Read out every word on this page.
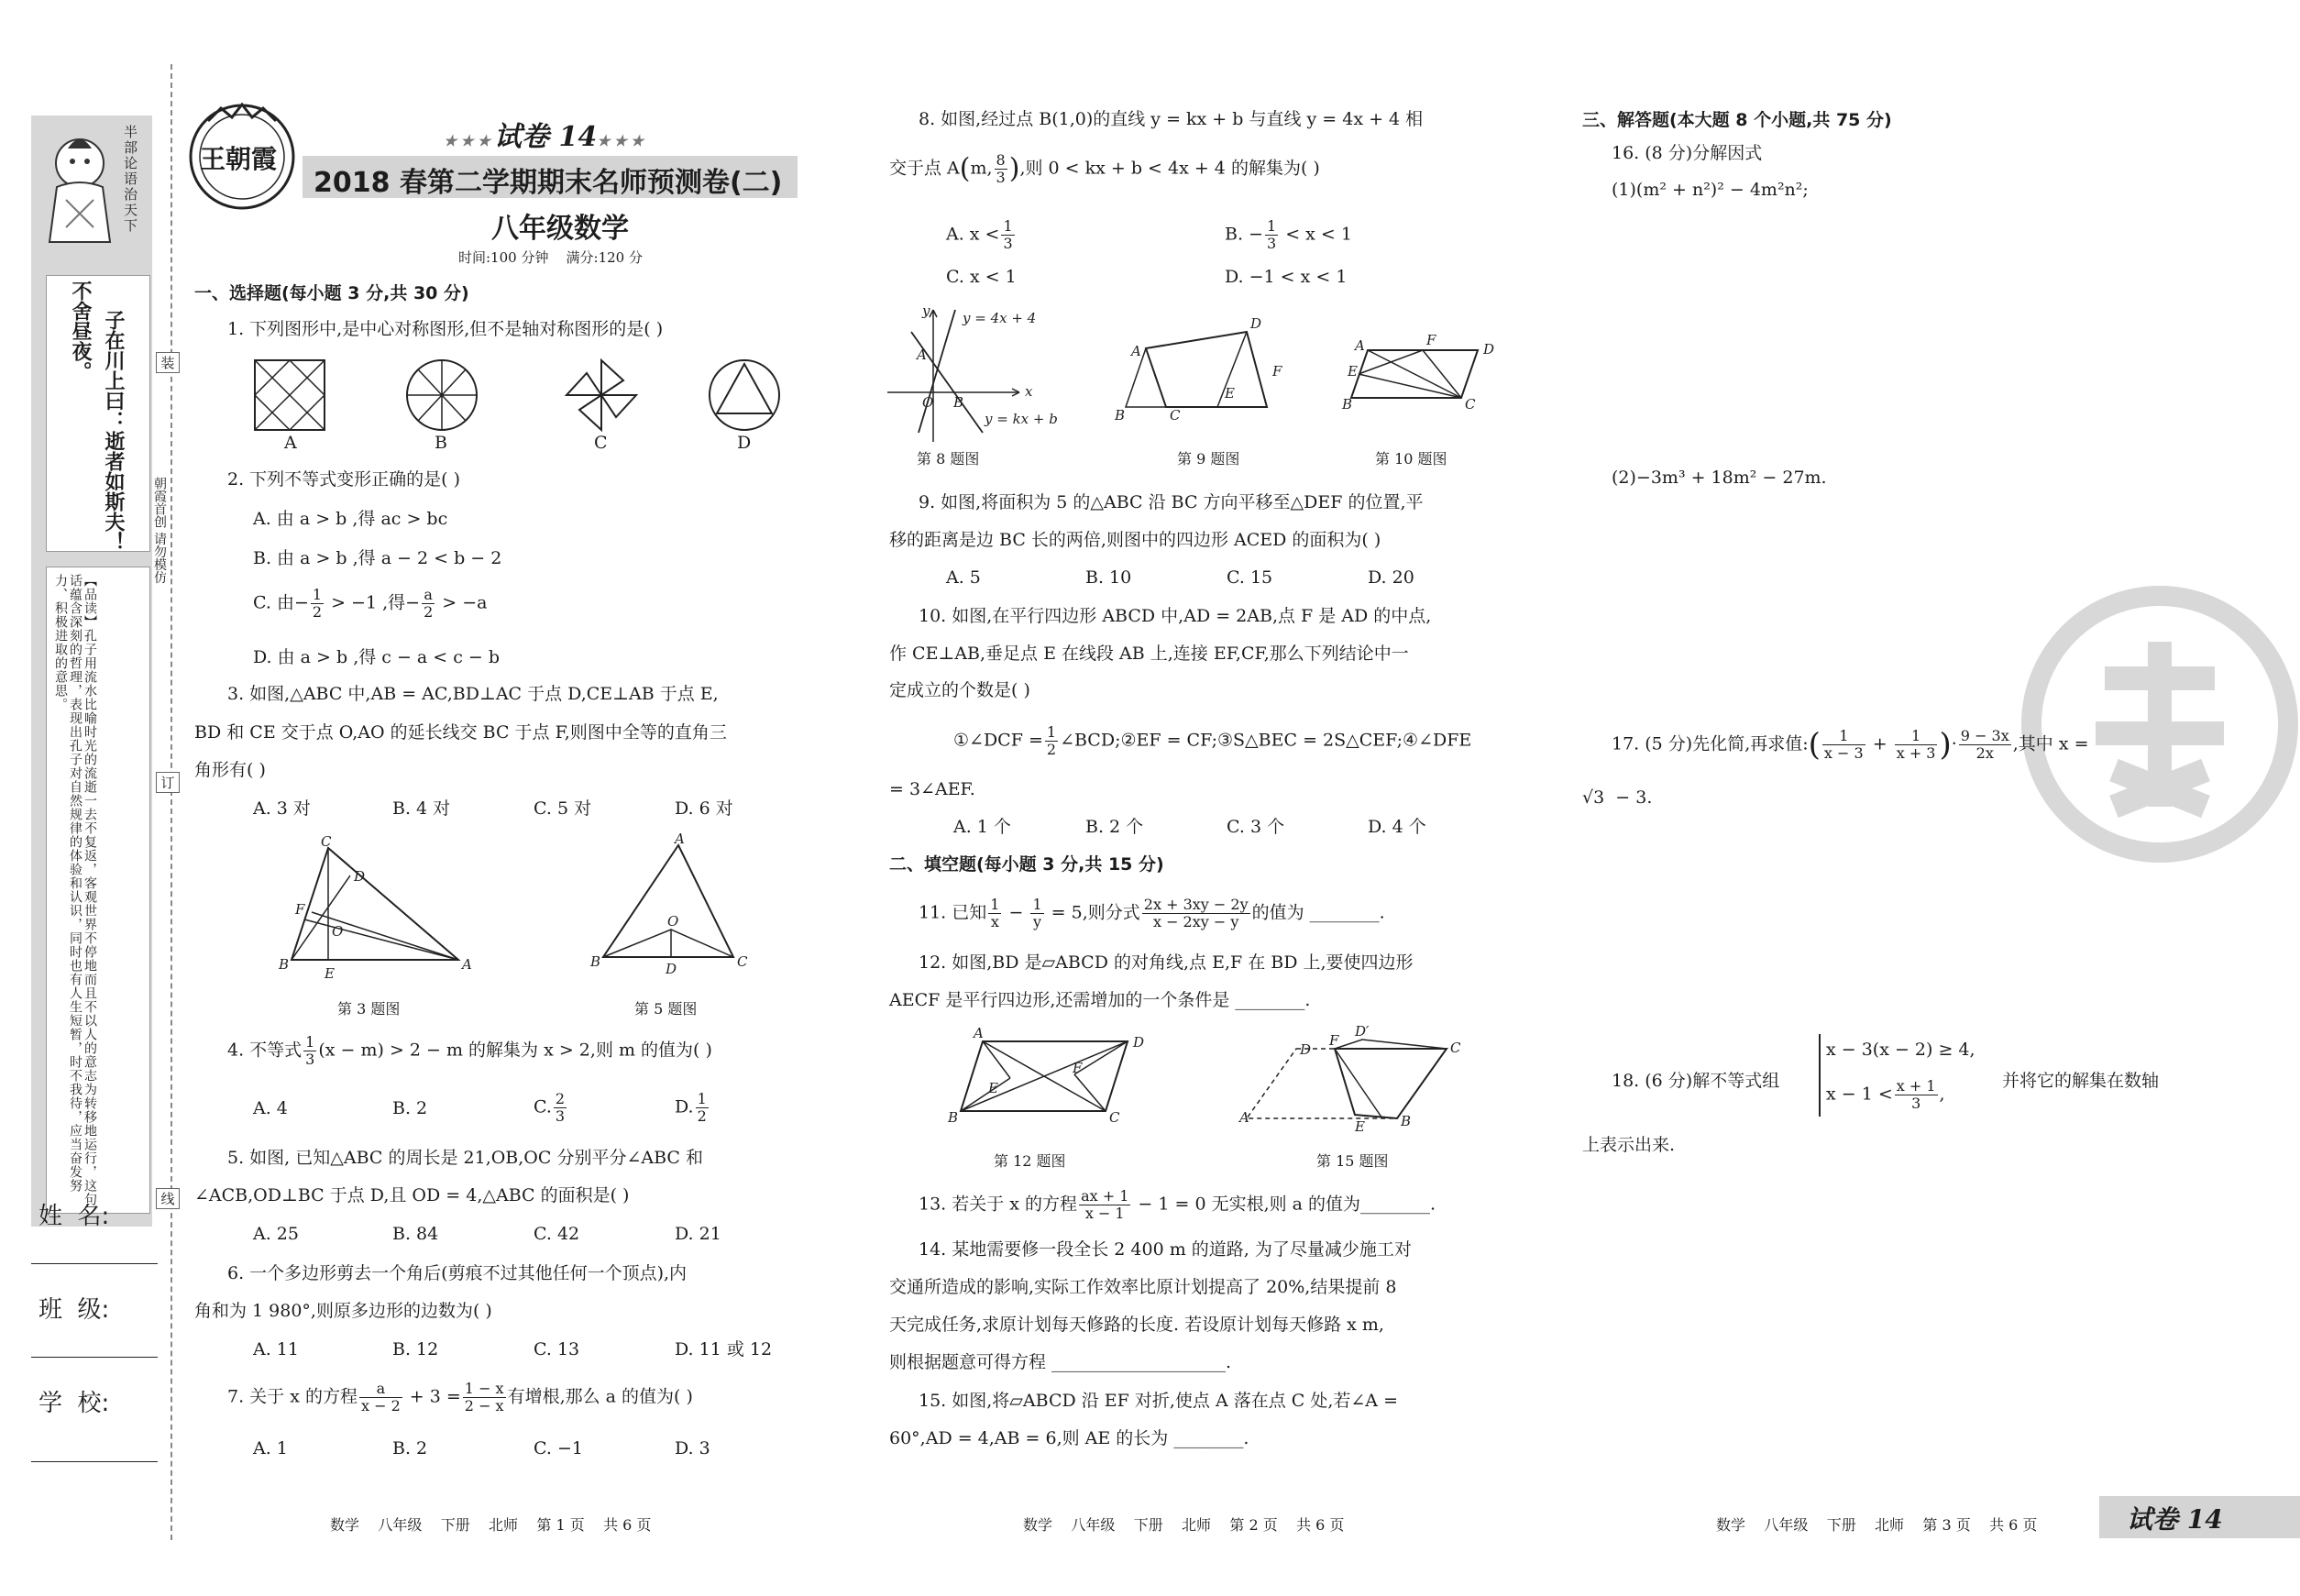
半部论语治天下
子在川上曰：逝者如斯夫！
不舍昼夜。
【品读】孔子用流水比喻时光的流逝一去不复返，客观世界不停地而且不以人的意志为转移地运行，这句话蕴含深刻的哲理，表现出孔子对自然规律的体验和认识，同时也有人生短暂，时不我待，应当奋发努力、积极进取的意思。
姓  名:
班  级:
学  校:
装
订
线
朝霞首创 请勿模仿
王朝霞
★★★试卷 14★★★
2018 春第二学期期末名师预测卷(二)
八年级数学
时间:100 分钟    满分:120 分
一、选择题(每小题 3 分,共 30 分)
1. 下列图形中,是中心对称图形,但不是轴对称图形的是( )
A	B	C	D
2. 下列不等式变形正确的是( )
A. 由 a > b ,得 ac > bc
B. 由 a > b ,得 a − 2 < b − 2
C. 由− $\frac{1}{2} > -1$ ,得− $\frac{a}{2} > -a$
D. 由 a > b ,得 c − a < c − b
3. 如图,△ABC 中,AB = AC,BD⊥AC 于点 D,CE⊥AB 于点 E,
BD 和 CE 交于点 O,AO 的延长线交 BC 于点 F,则图中全等的直角三
角形有( )
A. 3 对	B. 4 对	C. 5 对	D. 6 对
C
D
F
O
B
E
A
A
O
B	D	C
第 3 题图	第 5 题图
4. 不等式 $\frac{1}{3} (x - m) > 2 - m$ 的解集为 x > 2,则 m 的值为( )
A. 4	B. 2	C. $\frac{2}{3}$	D. $\frac{1}{2}$
5. 如图, 已知△ABC 的周长是 21,OB,OC 分别平分∠ABC 和
∠ACB,OD⊥BC 于点 D,且 OD = 4,△ABC 的面积是( )
A. 25	B. 84	C. 42	D. 21
6. 一个多边形剪去一个角后(剪痕不过其他任何一个顶点),内
角和为 1 980°,则原多边形的边数为( )
A. 11	B. 12	C. 13	D. 11 或 12
7. 关于 x 的方程 $\frac{a}{x - 2} + 3 = \frac{1 - x}{2 - x}$ 有增根,那么 a 的值为( )
A. 1	B. 2	C. −1	D. 3
数学    八年级    下册    北师    第 1 页    共 6 页
8. 如图,经过点 B(1,0)的直线 y = kx + b 与直线 y = 4x + 4 相
交于点 A(m, $\frac{8}{3}$ ),则 0 < kx + b < 4x + 4 的解集为( )
A. $x < \frac{1}{3}$	B. − $\frac{1}{3} < x < 1$
C. x < 1	D. −1 < x < 1
x
y
A
O B
y = 4x + 4
y = kx + b
A
D
F
B	C
E
A
E
F
D
B	C
第 8 题图	第 9 题图	第 10 题图
9. 如图,将面积为 5 的△ABC 沿 BC 方向平移至△DEF 的位置,平
移的距离是边 BC 长的两倍,则图中的四边形 ACED 的面积为( )
A. 5	B. 10	C. 15	D. 20
10. 如图,在平行四边形 ABCD 中,AD = 2AB,点 F 是 AD 的中点,
作 CE⊥AB,垂足点 E 在线段 AB 上,连接 EF,CF,那么下列结论中一
定成立的个数是( )
①∠DCF = $\frac{1}{2}$ ∠BCD;②EF = CF;③S△BEC = 2S△CEF;④∠DFE
= 3∠AEF.
A. 1 个	B. 2 个	C. 3 个	D. 4 个
二、填空题(每小题 3 分,共 15 分)
11. 已知 $\frac{1}{x} - \frac{1}{y} = 5$,则分式 $\frac{2x + 3xy - 2y}{x - 2xy - y}$ 的值为 ________.
12. 如图,BD 是▱ABCD 的对角线,点 E,F 在 BD 上,要使四边形
AECF 是平行四边形,还需增加的一个条件是 ________.
A
D
B	C
E
F
D
F
D′
C
A
E	B
第 12 题图	第 15 题图
13. 若关于 x 的方程 $\frac{ax + 1}{x - 1} - 1 = 0$ 无实根,则 a 的值为________.
14. 某地需要修一段全长 2 400 m 的道路, 为了尽量减少施工对
交通所造成的影响,实际工作效率比原计划提高了 20%,结果提前 8
天完成任务,求原计划每天修路的长度. 若设原计划每天修路 x m,
则根据题意可得方程 ____________________.
15. 如图,将▱ABCD 沿 EF 对折,使点 A 落在点 C 处,若∠A =
60°,AD = 4,AB = 6,则 AE 的长为 ________.
数学    八年级    下册    北师    第 2 页    共 6 页
三、解答题(本大题 8 个小题,共 75 分)
16. (8 分)分解因式
(1)(m² + n²)² − 4m²n²;
(2)−3m³ + 18m² − 27m.
17. (5 分)先化简,再求值:( $\frac{1}{x - 3} + \frac{1}{x + 3}$ )· $\frac{9 - 3x}{2x}$ ,其中 x =
√3  − 3.
18. (6 分)解不等式组
x − 3(x − 2) ≥ 4,
$x - 1 < \frac{x + 1}{3}$ ,
并将它的解集在数轴
上表示出来.
数学    八年级    下册    北师    第 3 页    共 6 页	试卷 14
